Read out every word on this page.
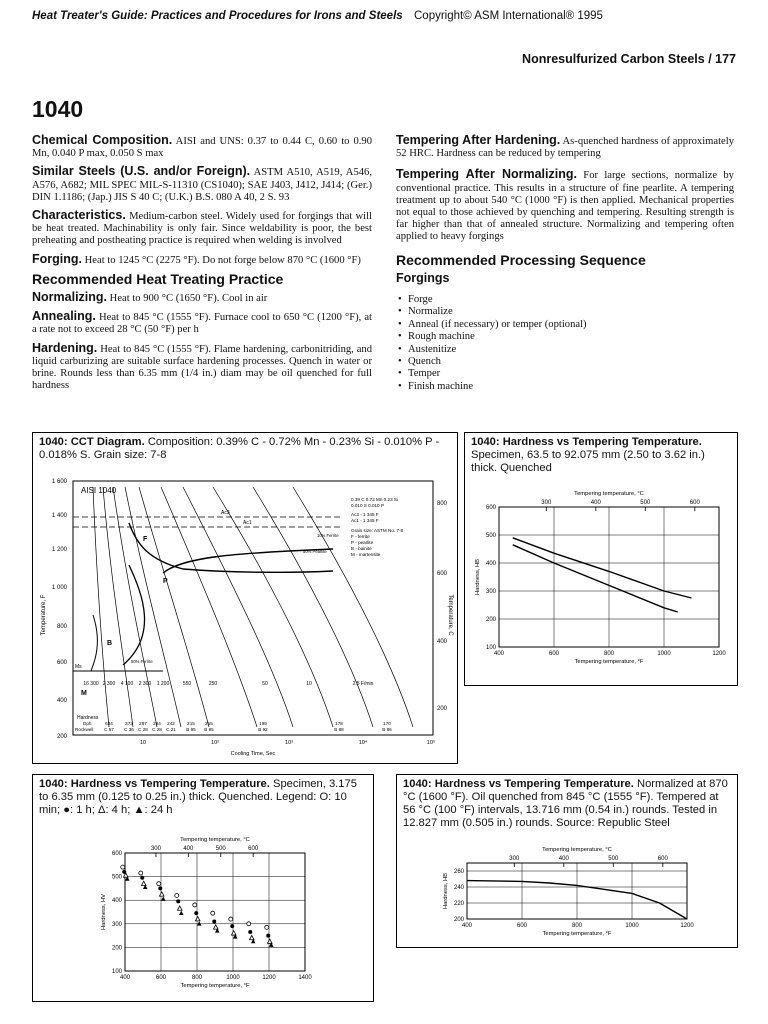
Heat Treater's Guide: Practices and Procedures for Irons and Steels Copyright© ASM International® 1995
Nonresulfurized Carbon Steels / 177
1040

Chemical Composition. AISI and UNS: 0.37 to 0.44 C, 0.60 to 0.90 Mn, 0.040 P max, 0.050 S max

Similar Steels (U.S. and/or Foreign). ASTM A510, A519, A546, A576, A682; MIL SPEC MIL-S-11310 (CS1040); SAE J403, J412, J414; (Ger.) DIN 1.1186; (Jap.) JIS S 40 C; (U.K.) B.S. 080 A 40, 2 S. 93

Characteristics. Medium-carbon steel. Widely used for forgings that will be heat treated. Machinability is only fair. Since weldability is poor, the best preheating and postheating practice is required when welding is involved

Forging. Heat to 1245 °C (2275 °F). Do not forge below 870 °C (1600 °F)

Recommended Heat Treating Practice

Normalizing. Heat to 900 °C (1650 °F). Cool in air

Annealing. Heat to 845 °C (1555 °F). Furnace cool to 650 °C (1200 °F), at a rate not to exceed 28 °C (50 °F) per h

Hardening. Heat to 845 °C (1555 °F). Flame hardening, carbonitriding, and liquid carburizing are suitable surface hardening processes. Quench in water or brine. Rounds less than 6.35 mm (1/4 in.) diam may be oil quenched for full hardness

Tempering After Hardening. As-quenched hardness of approximately 52 HRC. Hardness can be reduced by tempering

Tempering After Normalizing. For large sections, normalize by conventional practice. This results in a structure of fine pearlite. A tempering treatment up to about 540 °C (1000 °F) is then applied. Mechanical properties not equal to those achieved by quenching and tempering. Resulting strength is far higher than that of annealed structure. Normalizing and tempering often applied to heavy forgings

Recommended Processing Sequence
Forgings
• Forge
• Normalize
• Anneal (if necessary) or temper (optional)
• Rough machine
• Austenitize
• Quench
• Temper
• Finish machine
1040: CCT Diagram. Composition: 0.39% C - 0.72% Mn - 0.23% Si - 0.010% P - 0.018% S. Grain size: 7-8
1 600
1 400
1 200
1 000
800
600
400
200
800
600
400
200
Temperature, F	Temperature, C
AISI 1040
0.39 C 0.72 Mn 0.23 Si
0.010 S 0.010 P
Ac3 - 1 345 F
Ac1 - 1 345 F
Grain size: ASTM No. 7-8
F - ferrite
P - pearlite
B - bainite
M - martensite
Ac3
Ac1
Ms
F
P
B
M
10% Ferrite
50% Pearlite
50% Ferrite
16 300 2 300 4 100 2 300 1 200	550	250	50	10	2.5 F/min
Hardness
Dph
Rockwell
634	373 287 284 242	215 215	199	178	170
C 57 C 36 C 28 C 28 C 21 B 95 B 95	B 92	B 88	B 86
10	10²	10³	10⁴	10⁵
Cooling Time, Sec
1040: Hardness vs Tempering Temperature. Specimen, 63.5 to 92.075 mm (2.50 to 3.62 in.) thick. Quenched
600
500
400
300
200
100
400	600	800	1000	1200
300	400	500	600
Tempering temperature, °C
Tempering temperature, °F
Hardness, HB
1040: Hardness vs Tempering Temperature. Specimen, 3.175 to 6.35 mm (0.125 to 0.25 in.) thick. Quenched. Legend: O: 10 min; ●: 1 h; Δ: 4 h; ▲: 24 h
600
500
400
300
200
100
400	600	800	1000	1200	1400
300	400	500	600
Tempering temperature, °C
Tempering temperature, °F
Hardness, HV
1040: Hardness vs Tempering Temperature. Normalized at 870 °C (1600 °F). Oil quenched from 845 °C (1555 °F). Tempered at 56 °C (100 °F) intervals, 13.716 mm (0.54 in.) rounds. Tested in 12.827 mm (0.505 in.) rounds. Source: Republic Steel
260
240
220
200
400	600	800	1000	1200
300	400	500	600
Tempering temperature, °C
Tempering temperature, °F
Hardness, HB
